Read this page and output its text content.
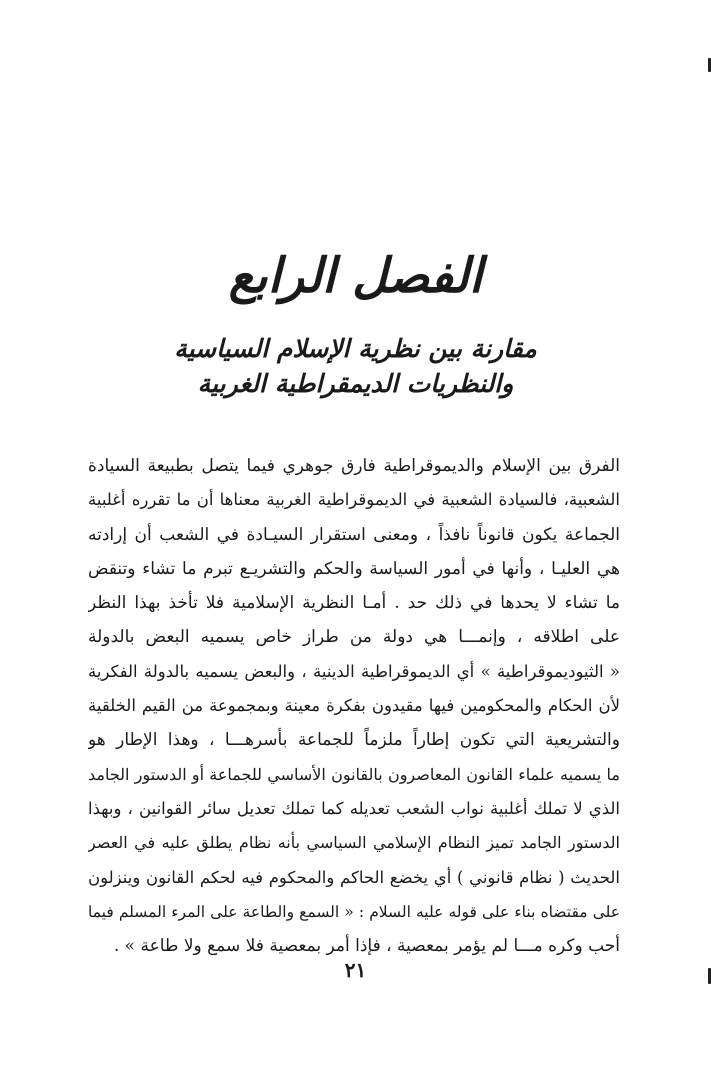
الفصل الرابع
مقارنة بين نظرية الإسلام السياسية
والنظريات الديمقراطية الغربية
الفرق بين الإسلام والديموقراطية فارق جوهري فيما يتصل بطبيعة السيادة
الشعبية، فالسيادة الشعبية في الديموقراطية الغربية معناها أن ما تقرره أغلبية
الجماعة يكون قانوناً نافذاً ، ومعنى استقرار السيـادة في الشعب أن إرادته
هي العليـا ، وأنها في أمور السياسة والحكم والتشريـع تبرم ما تشاء وتنقض
ما تشاء لا يحدها في ذلك حد . أمـا النظرية الإسلامية فلا تأخذ بهذا النظر
على اطلاقه ، وإنمـــا هي دولة من طراز خاص يسميه البعض بالدولة
« الثيوديموقراطية » أي الديموقراطية الدينية ، والبعض يسميه بالدولة الفكرية
لأن الحكام والمحكومين فيها مقيدون بفكرة معينة وبمجموعة من القيم الخلقية
والتشريعية التي تكون إطاراً ملزماً للجماعة بأسرهـــا ، وهذا الإطار هو
ما يسميه علماء القانون المعاصرون بالقانون الأساسي للجماعة أو الدستور الجامد
الذي لا تملك أغلبية نواب الشعب تعديله كما تملك تعديل سائر القوانين ، وبهذا
الدستور الجامد تميز النظام الإسلامي السياسي بأنه نظام يطلق عليه في العصر
الحديث ( نظام قانوني ) أي يخضع الحاكم والمحكوم فيه لحكم القانون وينزلون
على مقتضاه بناء على قوله عليه السلام : « السمع والطاعة على المرء المسلم فيما
أحب وكره مـــا لم يؤمر بمعصية ، فإذا أمر بمعصية فلا سمع ولا طاعة » .
٢١
